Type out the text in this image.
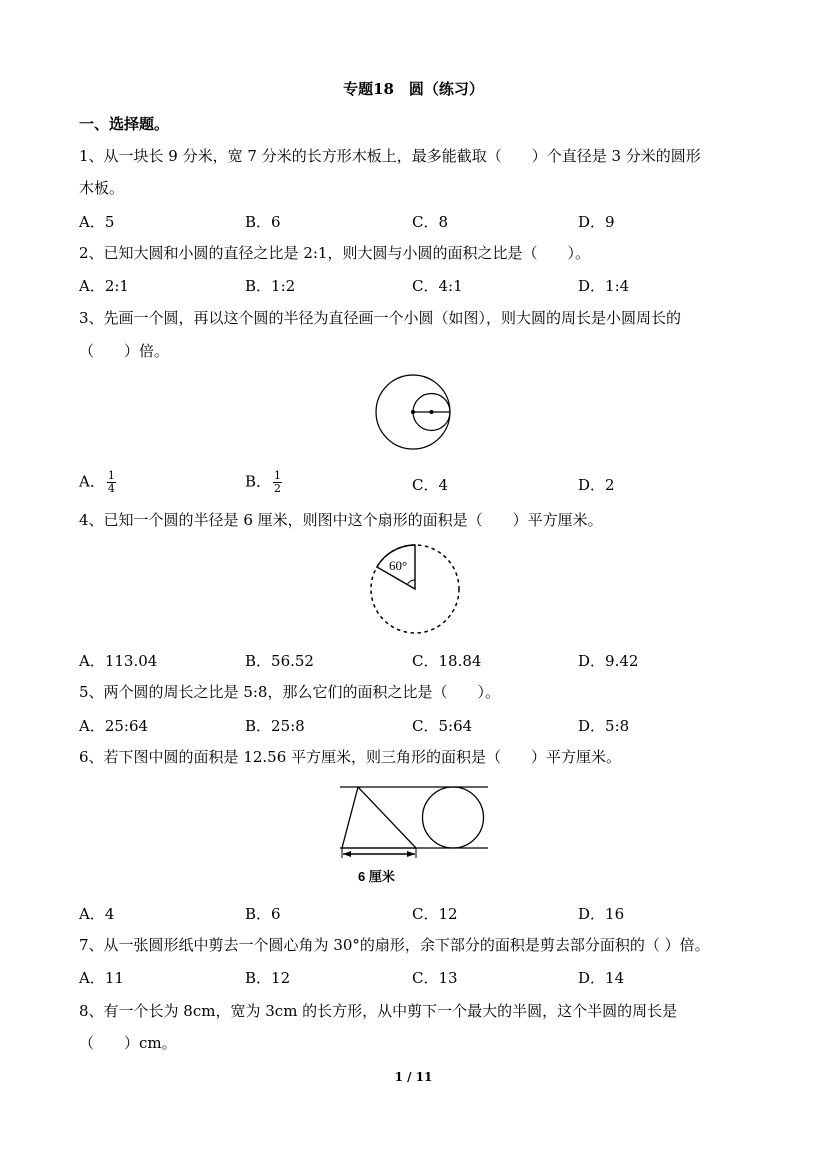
专题18　圆（练习）
一、选择题。
1、从一块长 9 分米，宽 7 分米的长方形木板上，最多能截取（　　）个直径是 3 分米的圆形
木板。
A．5	B．6	C．8	D．9
2、已知大圆和小圆的直径之比是 2:1，则大圆与小圆的面积之比是（　　）。
A．2:1	B．1:2	C．4:1	D．1:4
3、先画一个圆，再以这个圆的半径为直径画一个小圆（如图），则大圆的周长是小圆周长的
（　　）倍。
A． $\frac{1}{4}$	B． $\frac{1}{2}$	C．4	D．2
4、已知一个圆的半径是 6 厘米，则图中这个扇形的面积是（　　）平方厘米。
60°
A．113.04	B．56.52	C．18.84	D．9.42
5、两个圆的周长之比是 5:8，那么它们的面积之比是（　　）。
A．25:64	B．25:8	C．5:64	D．5:8
6、若下图中圆的面积是 12.56 平方厘米，则三角形的面积是（　　）平方厘米。
6 厘米
A．4	B．6	C．12	D．16
7、从一张圆形纸中剪去一个圆心角为 30°的扇形，余下部分的面积是剪去部分面积的（ ）倍。
A．11	B．12	C．13	D．14
8、有一个长为 8cm，宽为 3cm 的长方形，从中剪下一个最大的半圆，这个半圆的周长是
（　　）cm。
1 / 11
